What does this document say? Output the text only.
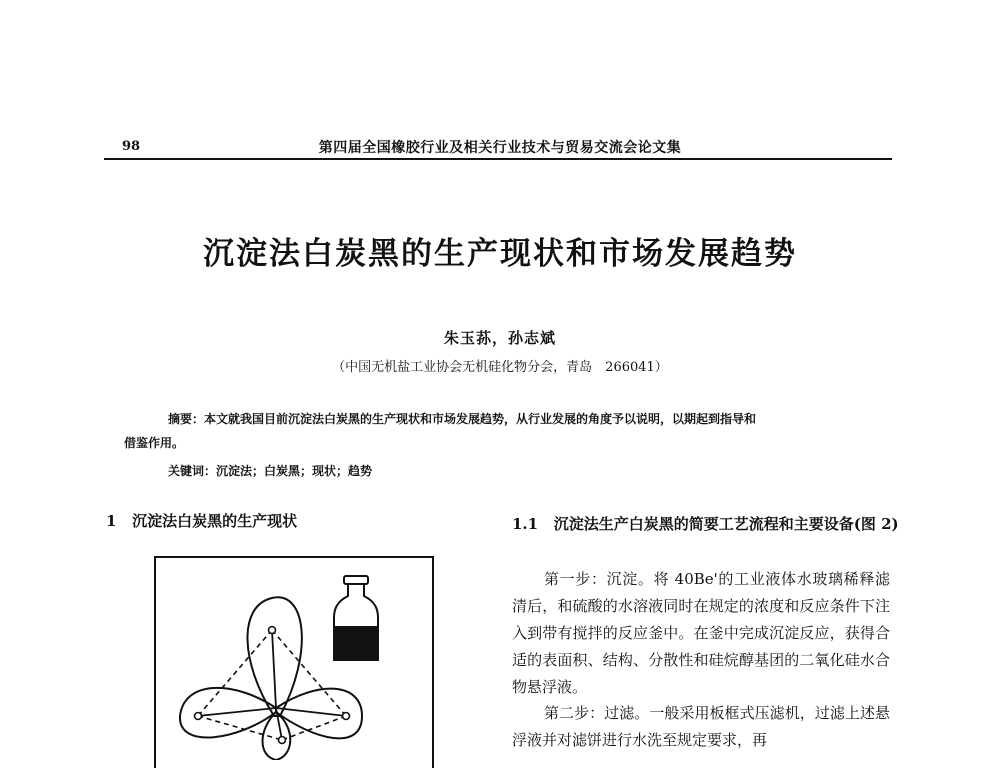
98	第四届全国橡胶行业及相关行业技术与贸易交流会论文集
沉淀法白炭黑的生产现状和市场发展趋势
朱玉荪，孙志斌
（中国无机盐工业协会无机硅化物分会，青岛　266041）
摘要：本文就我国目前沉淀法白炭黑的生产现状和市场发展趋势，从行业发展的角度予以说明，以期起到指导和
借鉴作用。
关键词：沉淀法；白炭黑；现状；趋势
1 沉淀法白炭黑的生产现状	1.1 沉淀法生产白炭黑的简要工艺流程和主要设备(图 2)
第一步：沉淀。将 40Be'的工业液体水玻璃稀释滤清后，和硫酸的水溶液同时在规定的浓度和反应条件下注入到带有搅拌的反应釜中。在釜中完成沉淀反应，获得合适的表面积、结构、分散性和硅烷醇基团的二氧化硅水合物悬浮液。
第二步：过滤。一般采用板框式压滤机，过滤上述悬浮液并对滤饼进行水洗至规定要求，再
